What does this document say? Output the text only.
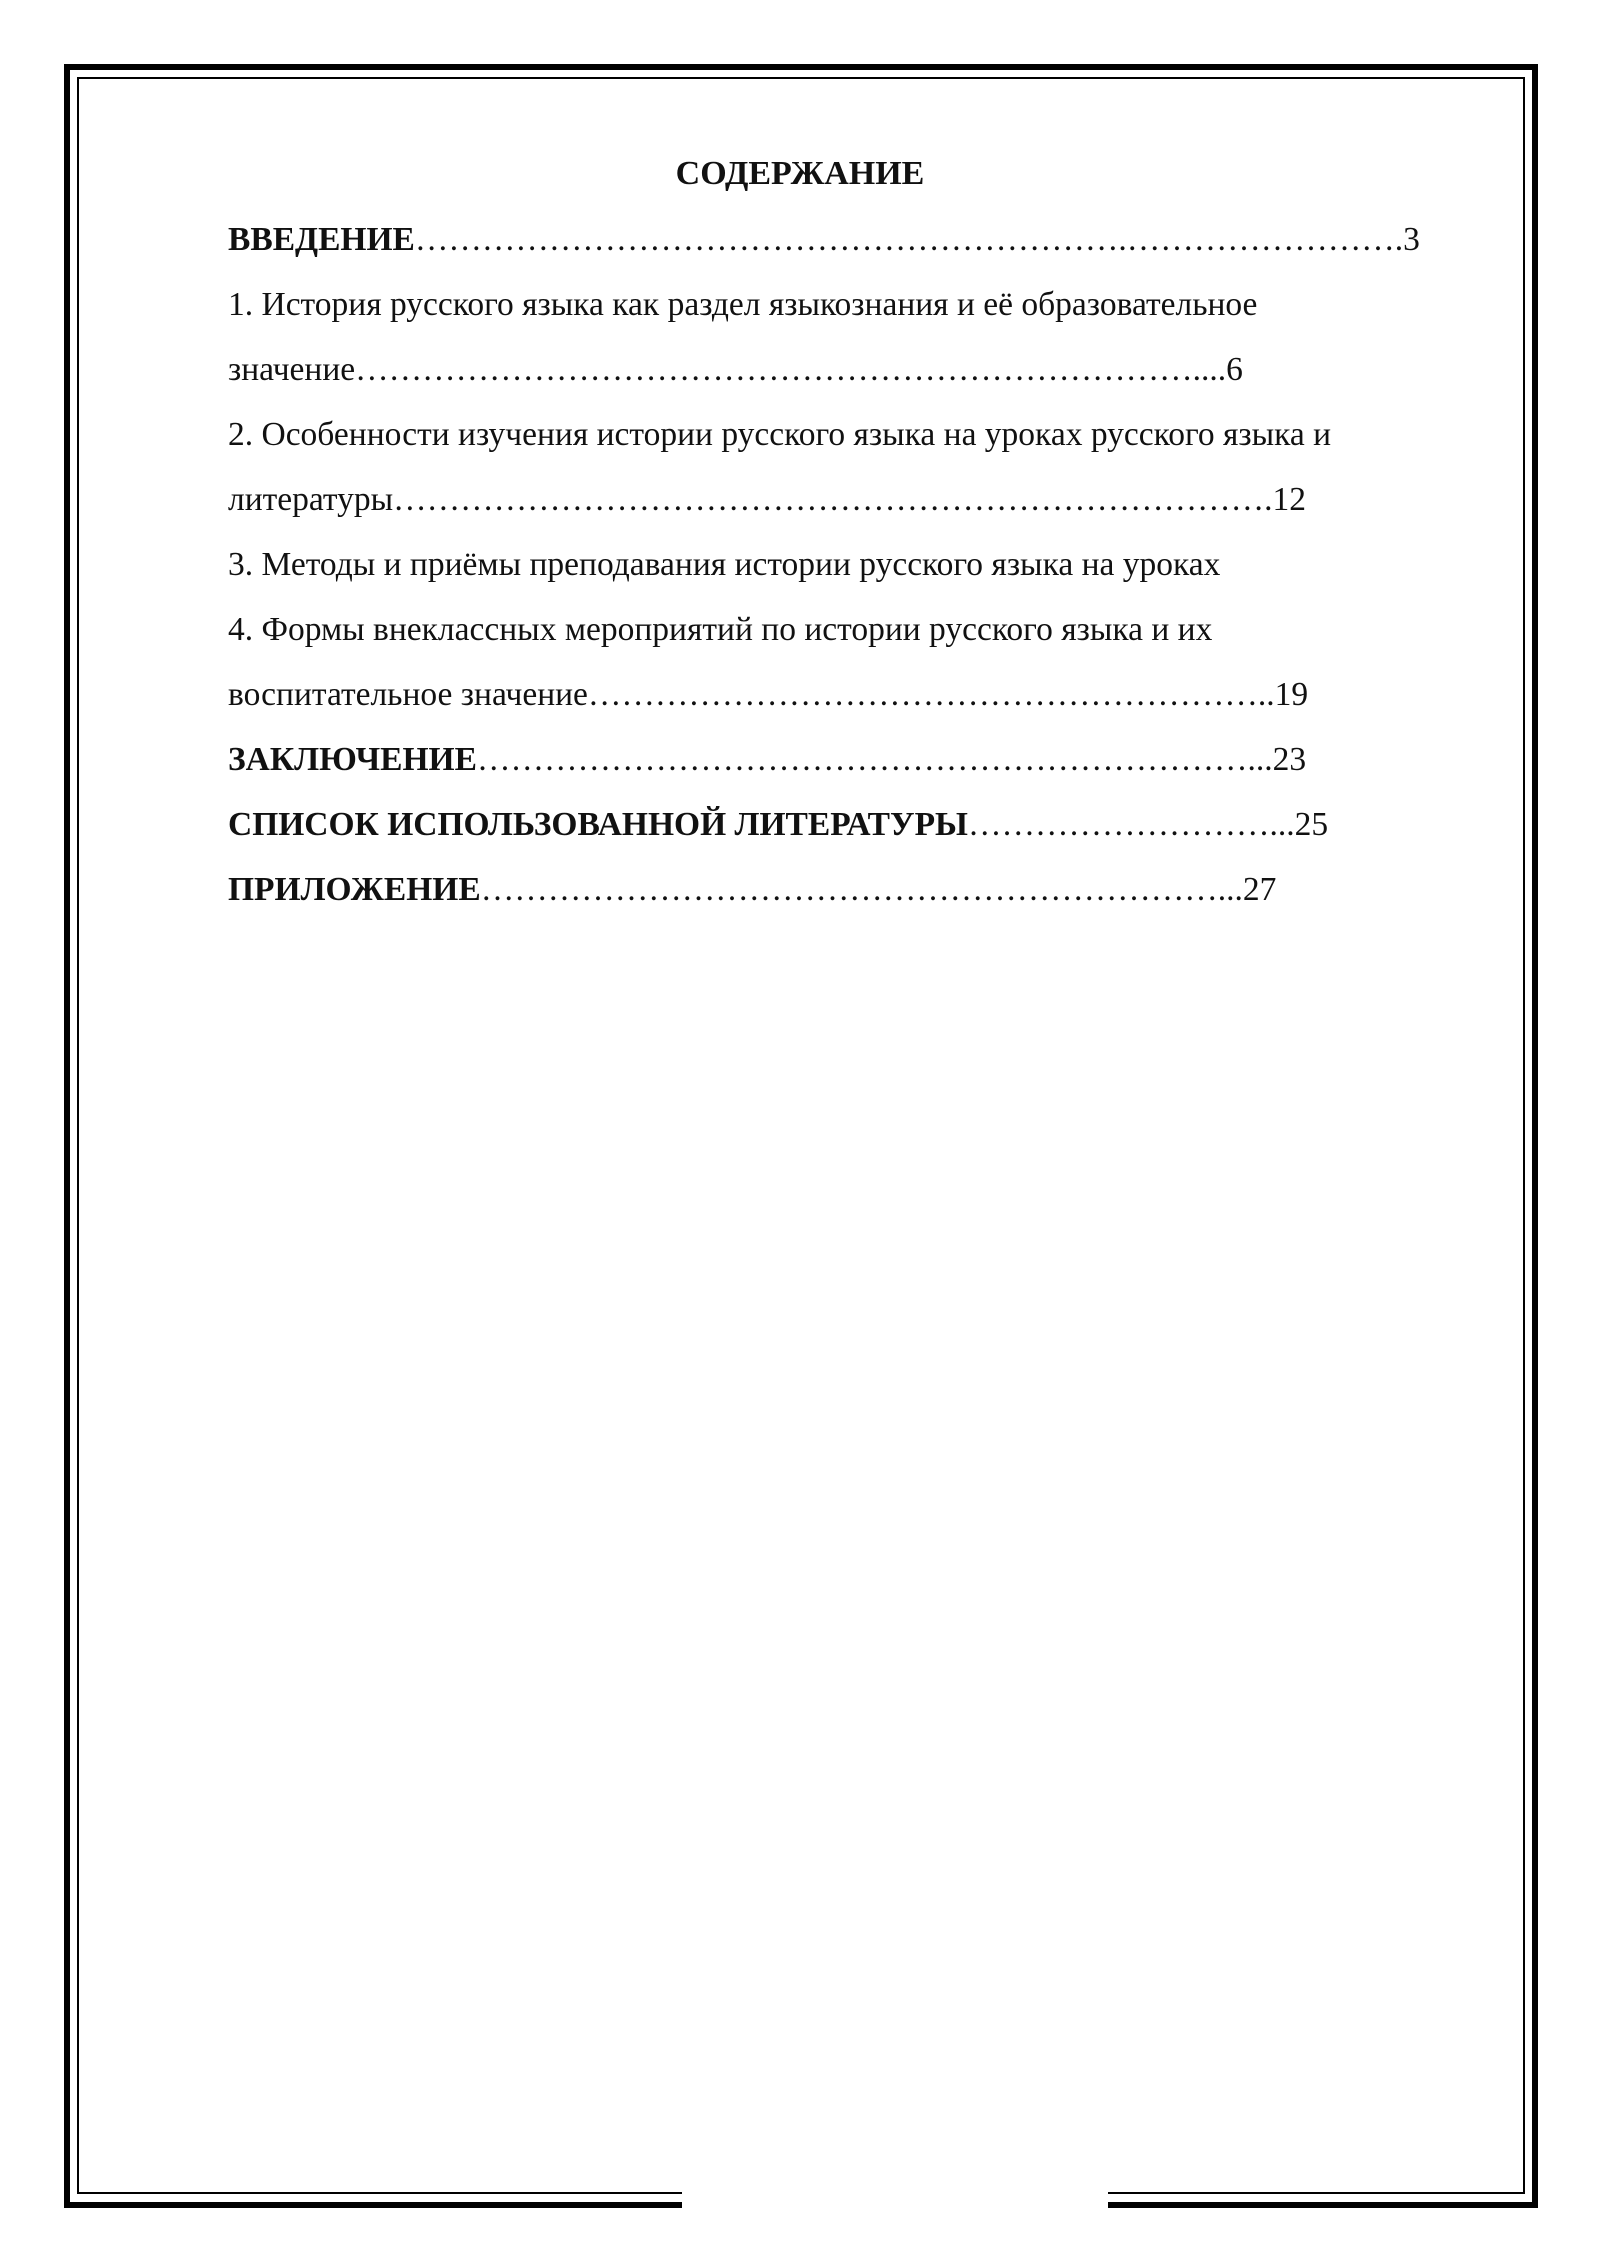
СОДЕРЖАНИЕ
ВВЕДЕНИЕ……………………………………………………….…………………….3
1. История русского языка как раздел языкознания и её образовательное
значение…………………………………………………………………....6
2. Особенности изучения истории русского языка на уроках русского языка и
литературы…………………………………………………………………….12
3. Методы и приёмы преподавания истории русского языка на уроках
4. Формы внеклассных мероприятий по истории русского языка и их
воспитательное значение……………………………………………………..19
ЗАКЛЮЧЕНИЕ……………………………………………………………...23
СПИСОК ИСПОЛЬЗОВАННОЙ ЛИТЕРАТУРЫ………………………...25
ПРИЛОЖЕНИЕ…………………………………………………………...27
